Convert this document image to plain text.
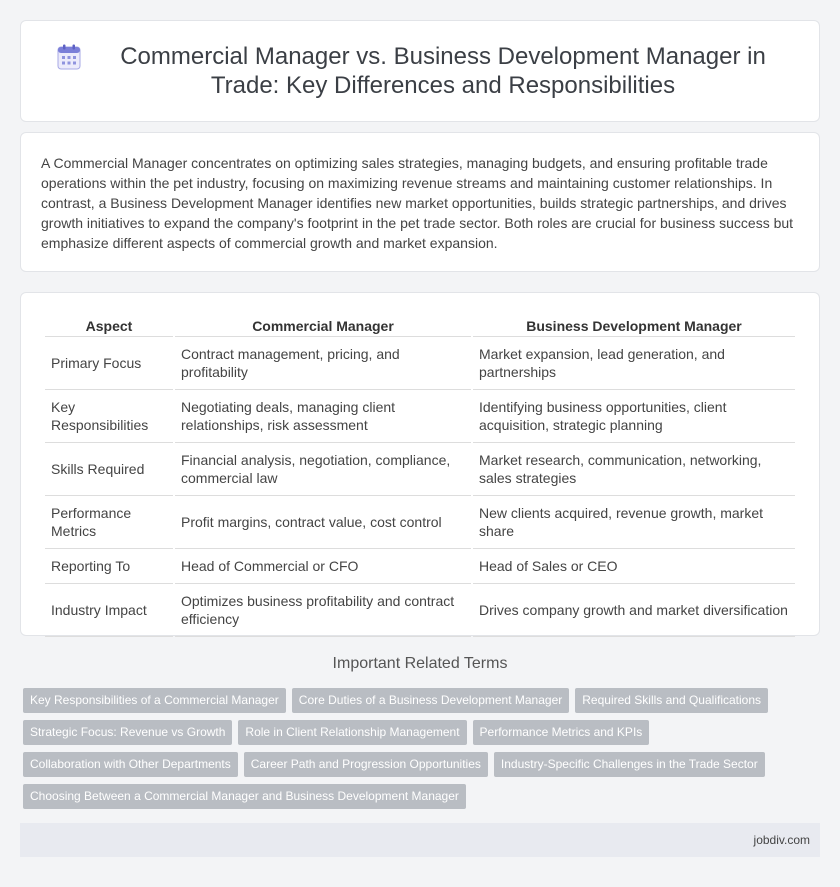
Commercial Manager vs. Business Development Manager in Trade: Key Differences and Responsibilities

A Commercial Manager concentrates on optimizing sales strategies, managing budgets, and ensuring profitable trade operations within the pet industry, focusing on maximizing revenue streams and maintaining customer relationships. In contrast, a Business Development Manager identifies new market opportunities, builds strategic partnerships, and drives growth initiatives to expand the company's footprint in the pet trade sector. Both roles are crucial for business success but emphasize different aspects of commercial growth and market expansion.

Aspect	Commercial Manager	Business Development Manager
Primary Focus	Contract management, pricing, and profitability	Market expansion, lead generation, and partnerships
Key Responsibilities	Negotiating deals, managing client relationships, risk assessment	Identifying business opportunities, client acquisition, strategic planning
Skills Required	Financial analysis, negotiation, compliance, commercial law	Market research, communication, networking, sales strategies
Performance Metrics	Profit margins, contract value, cost control	New clients acquired, revenue growth, market share
Reporting To	Head of Commercial or CFO	Head of Sales or CEO
Industry Impact	Optimizes business profitability and contract efficiency	Drives company growth and market diversification
Important Related Terms
Key Responsibilities of a Commercial Manager Core Duties of a Business Development Manager Required Skills and Qualifications
Strategic Focus: Revenue vs Growth Role in Client Relationship Management Performance Metrics and KPIs
Collaboration with Other Departments Career Path and Progression Opportunities Industry-Specific Challenges in the Trade Sector
Choosing Between a Commercial Manager and Business Development Manager
jobdiv.com
